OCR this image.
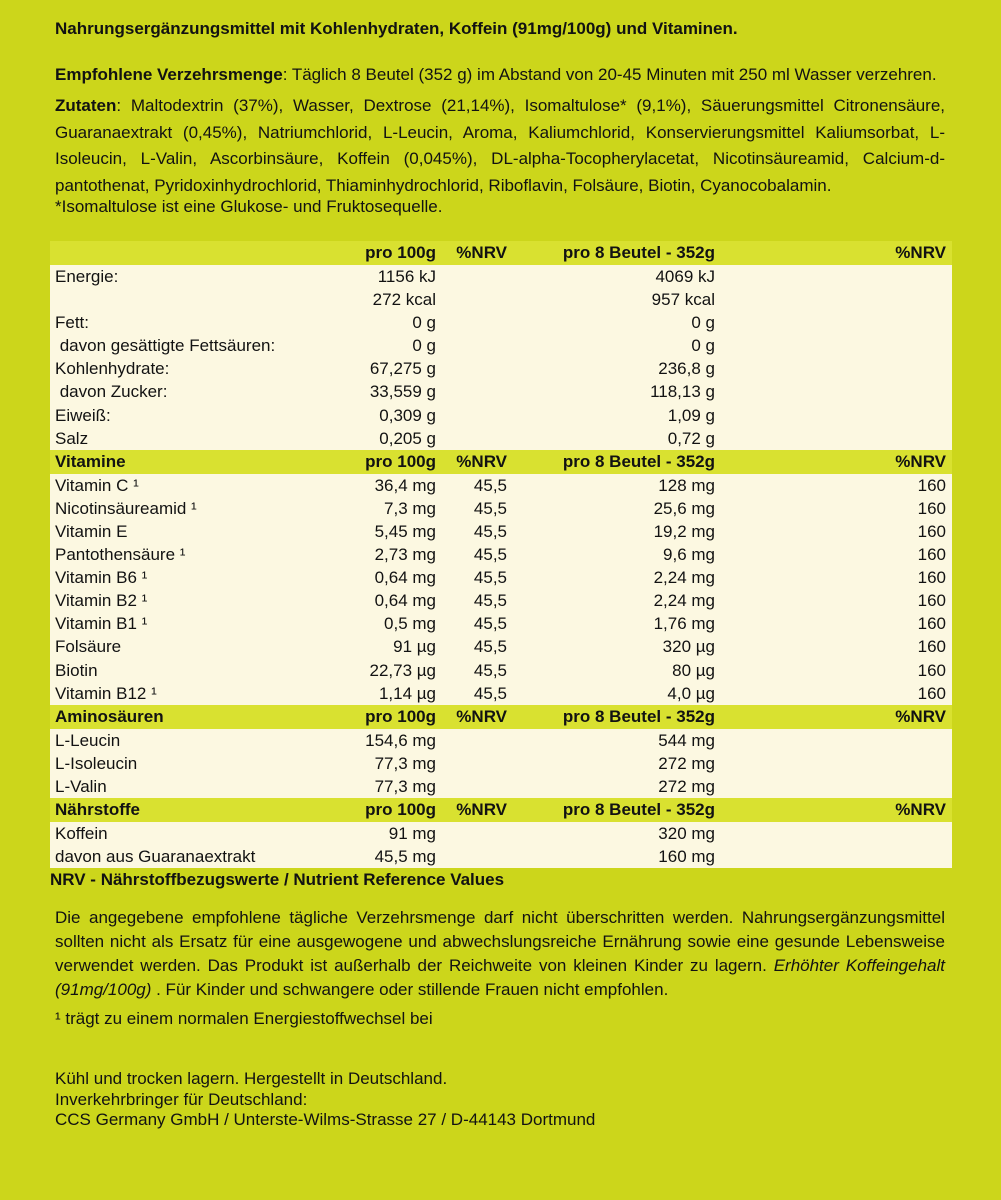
Nahrungsergänzungsmittel mit Kohlenhydraten, Koffein (91mg/100g) und Vitaminen.

Empfohlene Verzehrsmenge: Täglich 8 Beutel (352 g) im Abstand von 20-45 Minuten mit 250 ml Wasser verzehren.

Zutaten: Maltodextrin (37%), Wasser, Dextrose (21,14%), Isomaltulose* (9,1%), Säuerungsmittel Citronensäure, Guaranaextrakt (0,45%), Natriumchlorid, L-Leucin, Aroma, Kaliumchlorid, Konservierungsmittel Kaliumsorbat, L-Isoleucin, L-Valin, Ascorbinsäure, Koffein (0,045%), DL-alpha-Tocopherylacetat, Nicotinsäureamid, Calcium-d-pantothenat, Pyridoxinhydrochlorid, Thiaminhydrochlorid, Riboflavin, Folsäure, Biotin, Cyanocobalamin.

*Isomaltulose ist eine Glukose- und Fruktosequelle.

	pro 100g	%NRV	pro 8 Beutel - 352g	%NRV
Energie:	1156 kJ		4069 kJ	
	272 kcal		957 kcal	
Fett:	0 g		0 g	
davon gesättigte Fettsäuren:	0 g		0 g	
Kohlenhydrate:	67,275 g		236,8 g	
davon Zucker:	33,559 g		118,13 g	
Eiweiß:	0,309 g		1,09 g	
Salz	0,205 g		0,72 g	
Vitamine	pro 100g	%NRV	pro 8 Beutel - 352g	%NRV
Vitamin C ¹	36,4 mg	45,5	128 mg	160
Nicotinsäureamid ¹	7,3 mg	45,5	25,6 mg	160
Vitamin E	5,45 mg	45,5	19,2 mg	160
Pantothensäure ¹	2,73 mg	45,5	9,6 mg	160
Vitamin B6 ¹	0,64 mg	45,5	2,24 mg	160
Vitamin B2 ¹	0,64 mg	45,5	2,24 mg	160
Vitamin B1 ¹	0,5 mg	45,5	1,76 mg	160
Folsäure	91 µg	45,5	320 µg	160
Biotin	22,73 µg	45,5	80 µg	160
Vitamin B12 ¹	1,14 µg	45,5	4,0 µg	160
Aminosäuren	pro 100g	%NRV	pro 8 Beutel - 352g	%NRV
L-Leucin	154,6 mg		544 mg	
L-Isoleucin	77,3 mg		272 mg	
L-Valin	77,3 mg		272 mg	
Nährstoffe	pro 100g	%NRV	pro 8 Beutel - 352g	%NRV
Koffein	91 mg		320 mg	
davon aus Guaranaextrakt	45,5 mg		160 mg	

NRV - Nährstoffbezugswerte / Nutrient Reference Values

Die angegebene empfohlene tägliche Verzehrsmenge darf nicht überschritten werden. Nahrungsergänzungsmittel sollten nicht als Ersatz für eine ausgewogene und abwechslungsreiche Ernährung sowie eine gesunde Lebensweise verwendet werden. Das Produkt ist außerhalb der Reichweite von kleinen Kinder zu lagern. Erhöhter Koffeingehalt (91mg/100g) . Für Kinder und schwangere oder stillende Frauen nicht empfohlen.

¹ trägt zu einem normalen Energiestoffwechsel bei

Kühl und trocken lagern. Hergestellt in Deutschland.

Inverkehrbringer für Deutschland:

CCS Germany GmbH / Unterste-Wilms-Strasse 27 / D-44143 Dortmund
